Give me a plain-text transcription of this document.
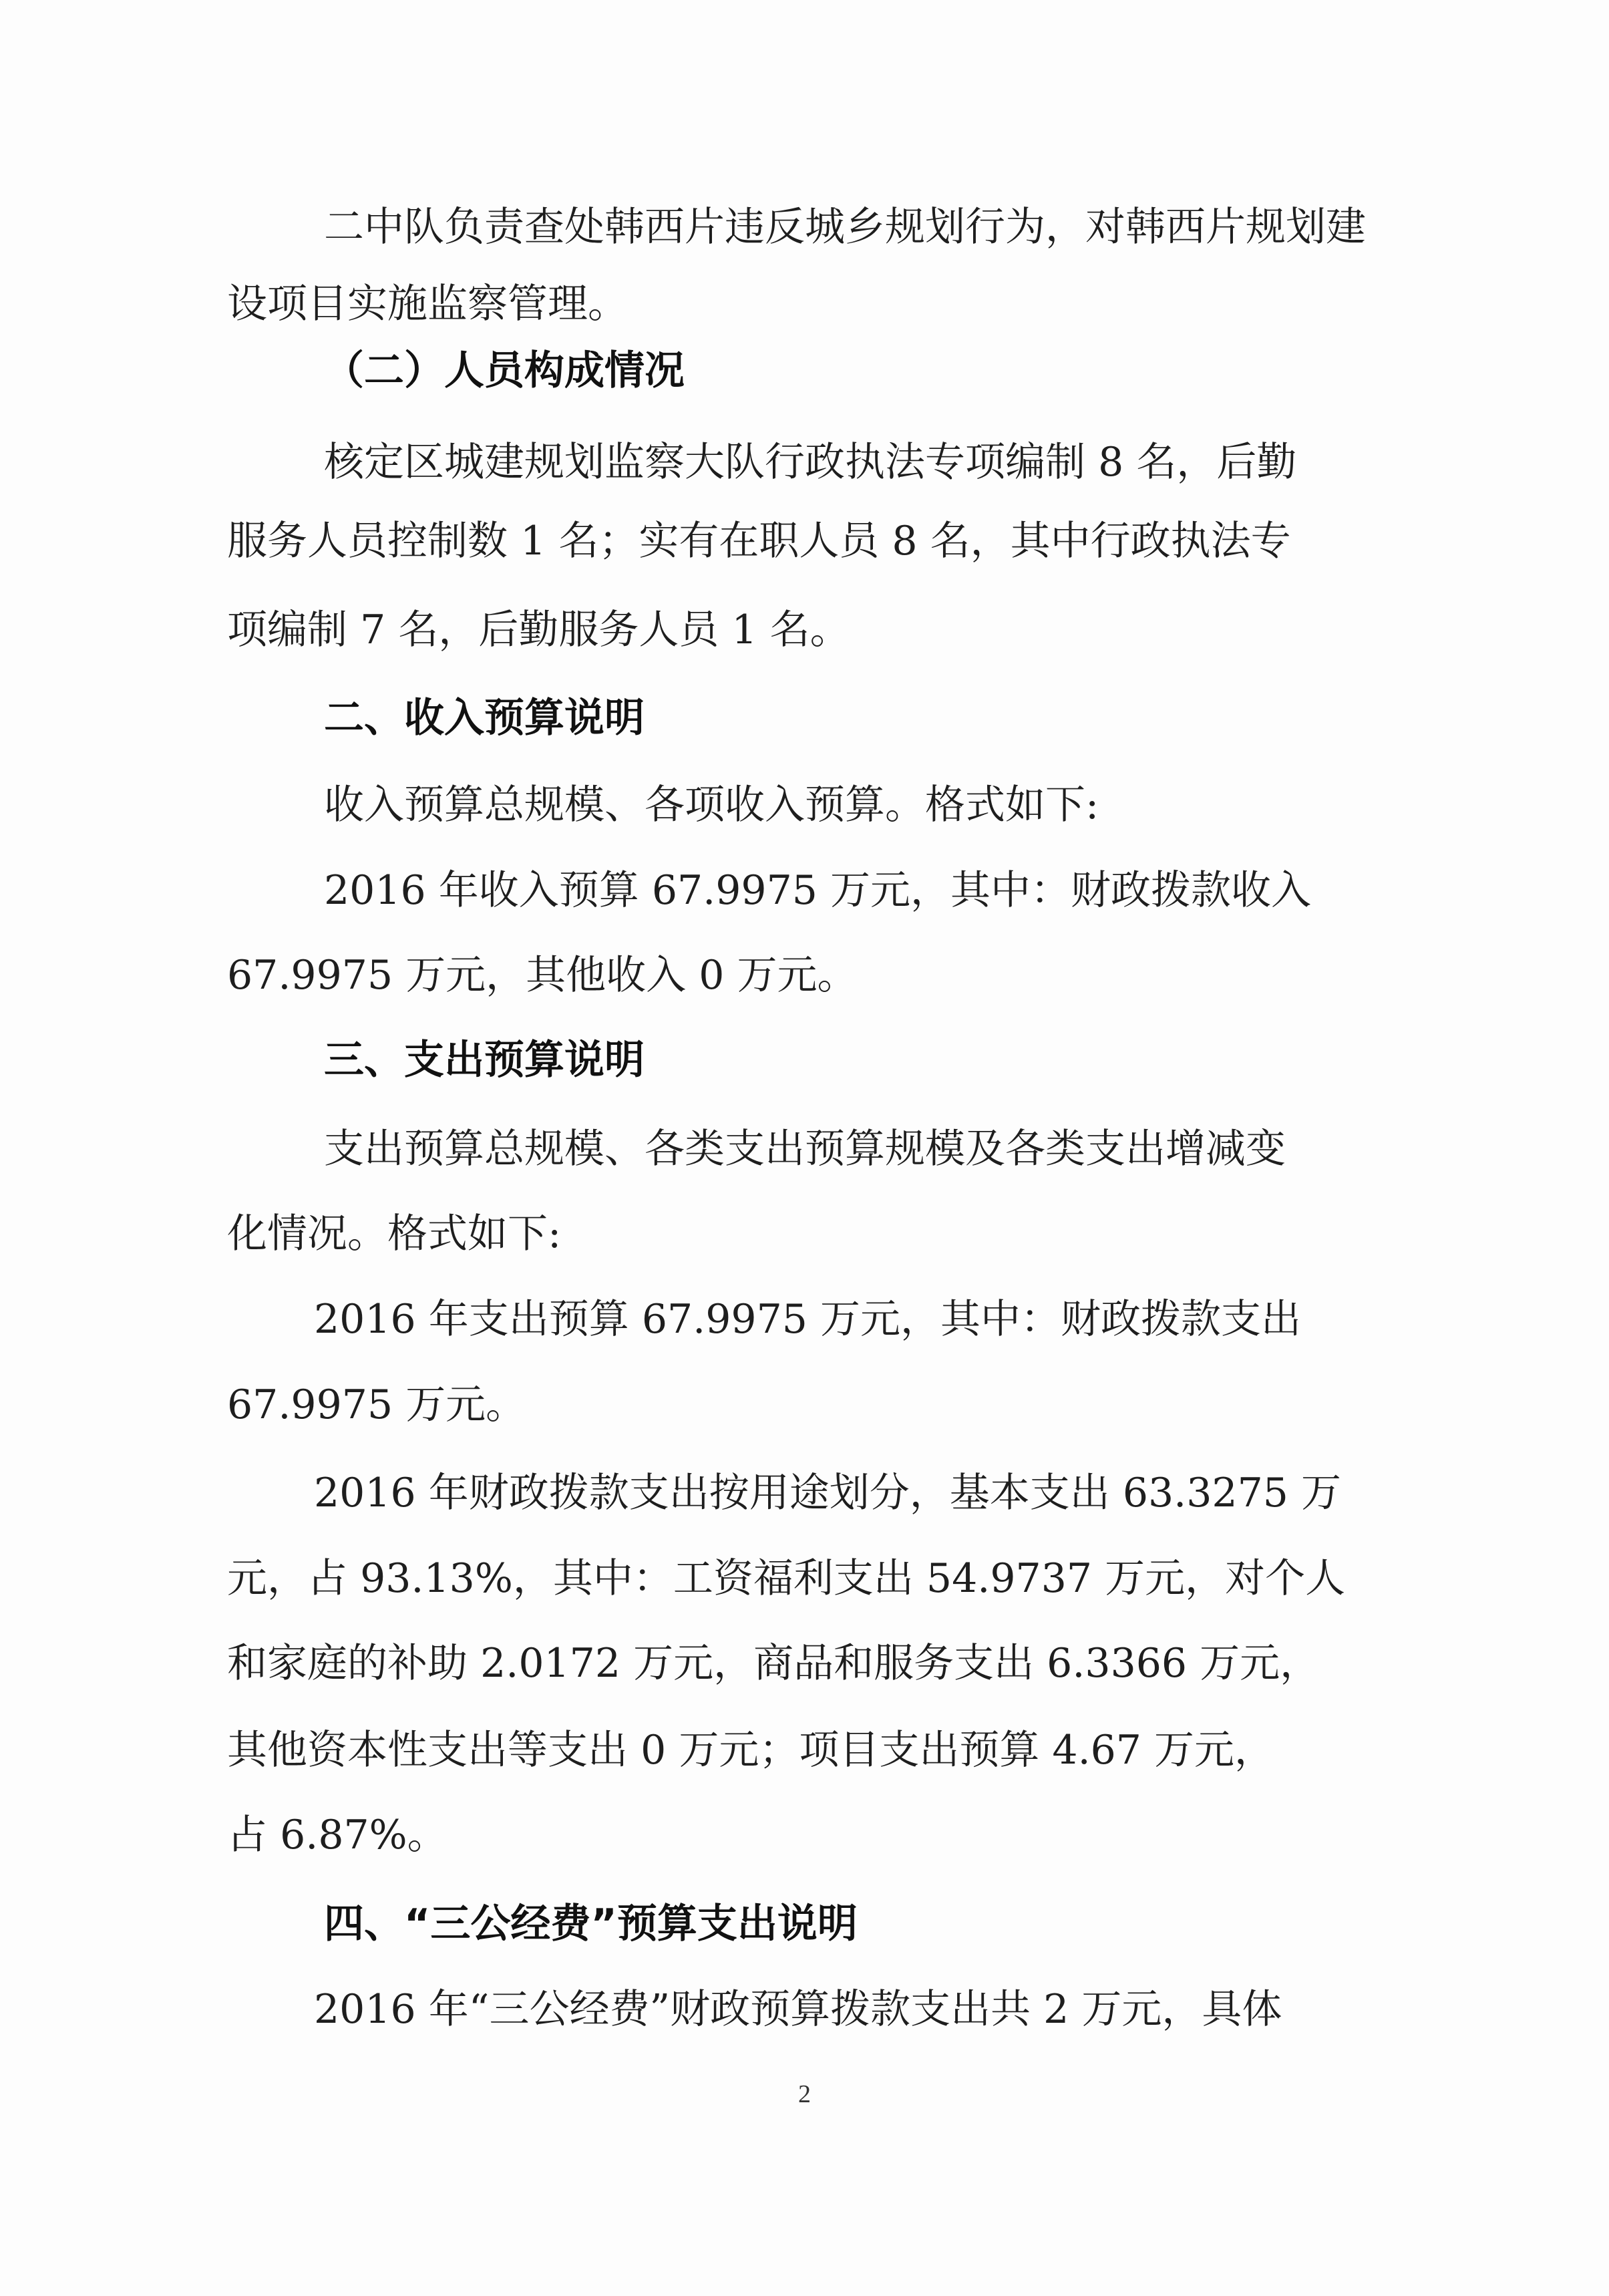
二中队负责查处韩西片违反城乡规划行为，对韩西片规划建
设项目实施监察管理。
（二）人员构成情况
核定区城建规划监察大队行政执法专项编制 8 名，后勤
服务人员控制数 1 名；实有在职人员 8 名，其中行政执法专
项编制 7 名，后勤服务人员 1 名。
二、收入预算说明
收入预算总规模、各项收入预算。格式如下:
2016 年收入预算 67.9975 万元，其中：财政拨款收入
67.9975 万元，其他收入 0 万元。
三、支出预算说明
支出预算总规模、各类支出预算规模及各类支出增减变
化情况。格式如下:
2016 年支出预算 67.9975 万元，其中：财政拨款支出
67.9975 万元。
2016 年财政拨款支出按用途划分，基本支出 63.3275 万
元，占 93.13%，其中：工资福利支出 54.9737 万元，对个人
和家庭的补助 2.0172 万元，商品和服务支出 6.3366 万元，
其他资本性支出等支出 0 万元；项目支出预算 4.67 万元，
占 6.87%。
四、“三公经费”预算支出说明
2016 年“三公经费”财政预算拨款支出共 2 万元，具体
2
